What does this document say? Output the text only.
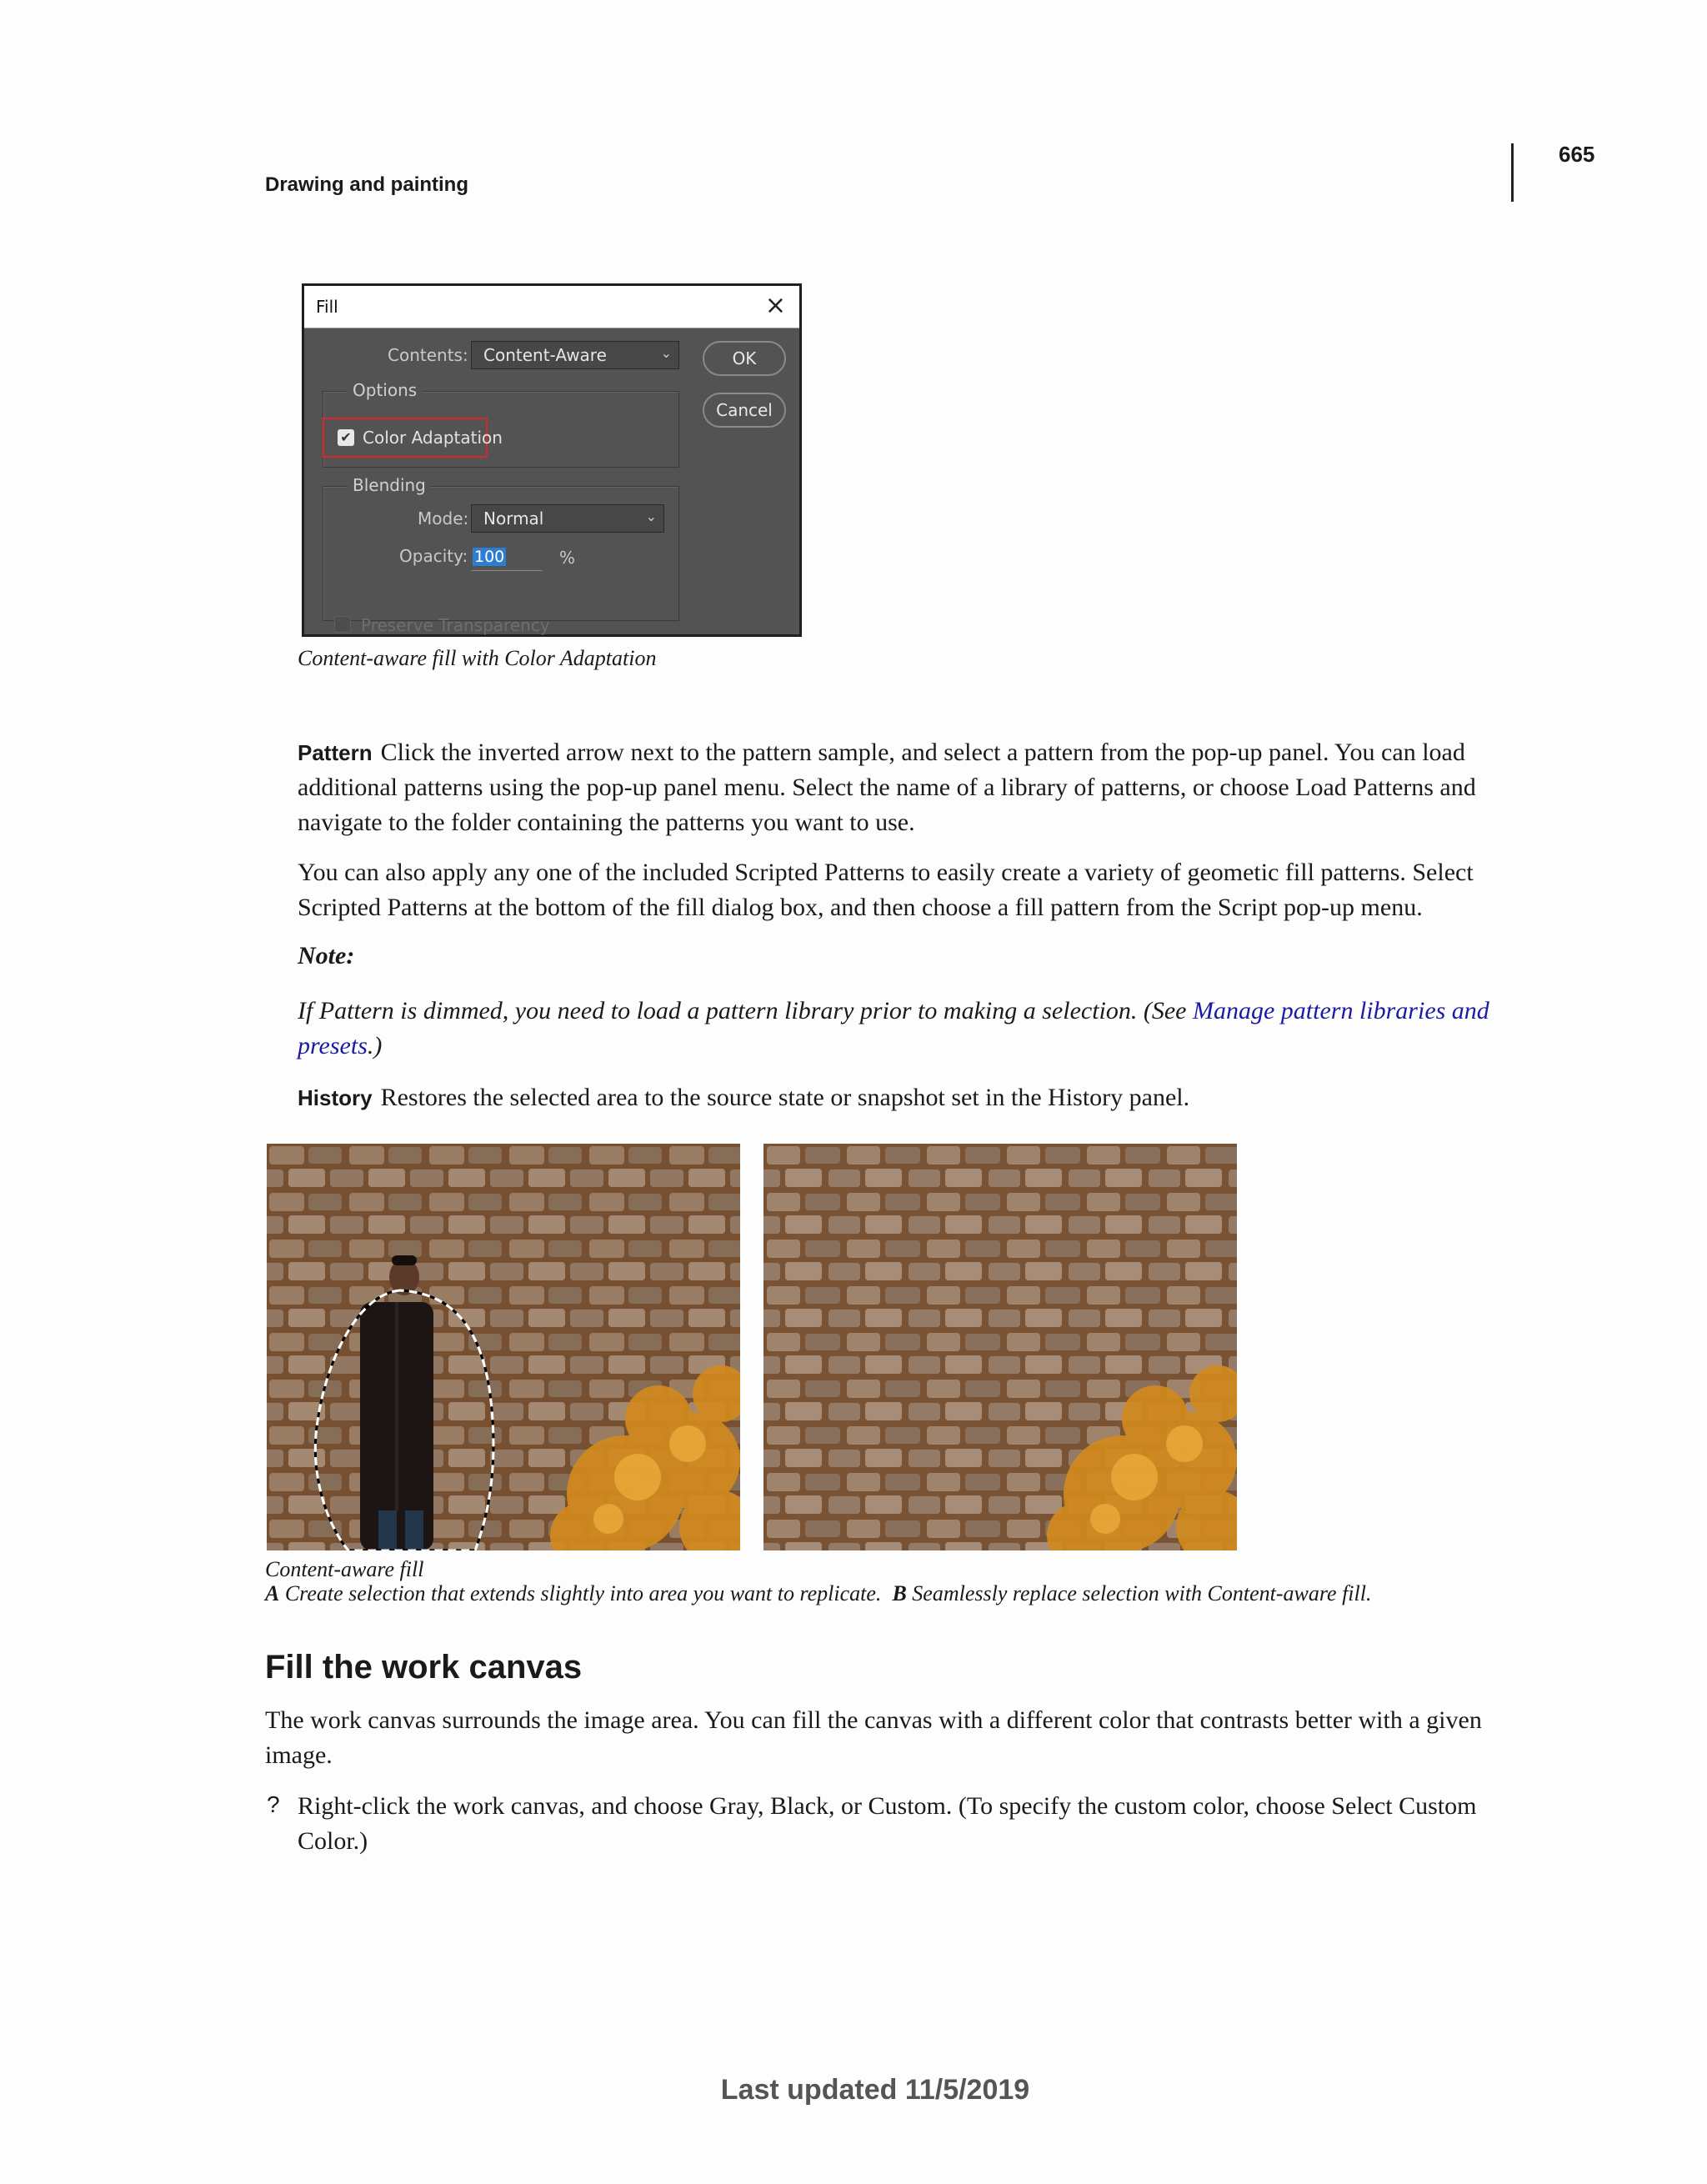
665
Drawing and painting
Fill	×
Contents: Content-Aware	⌄	OK
Cancel
Options
✔ Color Adaptation
Blending
Mode: Normal	⌄
Opacity: 100	%
Preserve Transparency
Content-aware fill with Color Adaptation
Pattern Click the inverted arrow next to the pattern sample, and select a pattern from the pop-up panel. You can load additional patterns using the pop-up panel menu. Select the name of a library of patterns, or choose Load Patterns and navigate to the folder containing the patterns you want to use.
You can also apply any one of the included Scripted Patterns to easily create a variety of geometic fill patterns. Select Scripted Patterns at the bottom of the fill dialog box, and then choose a fill pattern from the Script pop-up menu.
Note:
If Pattern is dimmed, you need to load a pattern library prior to making a selection. (See Manage pattern libraries and presets.)
History Restores the selected area to the source state or snapshot set in the History panel.
Content-aware fill
A Create selection that extends slightly into area you want to replicate. B Seamlessly replace selection with Content-aware fill.
Fill the work canvas
The work canvas surrounds the image area. You can fill the canvas with a different color that contrasts better with a given image.
? Right-click the work canvas, and choose Gray, Black, or Custom. (To specify the custom color, choose Select Custom Color.)
Last updated 11/5/2019
